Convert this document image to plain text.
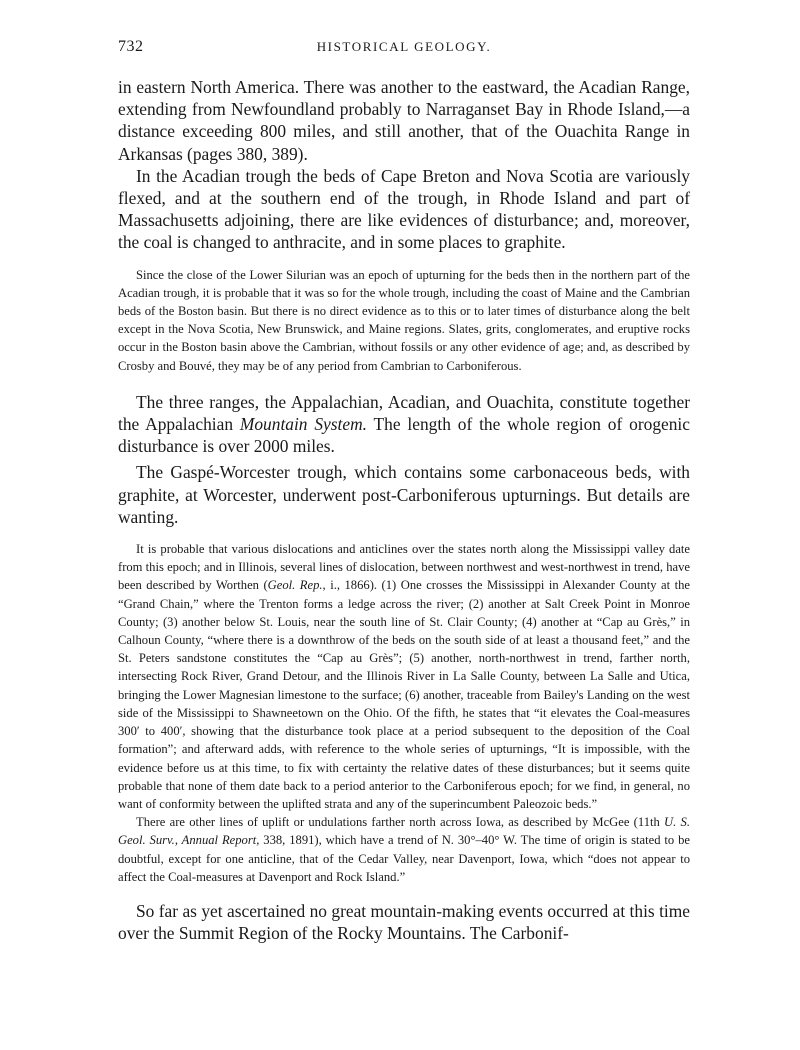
732	HISTORICAL GEOLOGY.

in eastern North America. There was another to the eastward, the Acadian Range, extending from Newfoundland probably to Narraganset Bay in Rhode Island,—a distance exceeding 800 miles, and still another, that of the Ouachita Range in Arkansas (pages 380, 389).

In the Acadian trough the beds of Cape Breton and Nova Scotia are variously flexed, and at the southern end of the trough, in Rhode Island and part of Massachusetts adjoining, there are like evidences of disturbance; and, moreover, the coal is changed to anthracite, and in some places to graphite.

Since the close of the Lower Silurian was an epoch of upturning for the beds then in the northern part of the Acadian trough, it is probable that it was so for the whole trough, including the coast of Maine and the Cambrian beds of the Boston basin. But there is no direct evidence as to this or to later times of disturbance along the belt except in the Nova Scotia, New Brunswick, and Maine regions. Slates, grits, conglomerates, and eruptive rocks occur in the Boston basin above the Cambrian, without fossils or any other evidence of age; and, as described by Crosby and Bouvé, they may be of any period from Cambrian to Carboniferous.

The three ranges, the Appalachian, Acadian, and Ouachita, constitute together the Appalachian Mountain System. The length of the whole region of orogenic disturbance is over 2000 miles.

The Gaspé-Worcester trough, which contains some carbonaceous beds, with graphite, at Worcester, underwent post-Carboniferous upturnings. But details are wanting.

It is probable that various dislocations and anticlines over the states north along the Mississippi valley date from this epoch; and in Illinois, several lines of dislocation, between northwest and west-northwest in trend, have been described by Worthen (Geol. Rep., i., 1866). (1) One crosses the Mississippi in Alexander County at the “Grand Chain,” where the Trenton forms a ledge across the river; (2) another at Salt Creek Point in Monroe County; (3) another below St. Louis, near the south line of St. Clair County; (4) another at “Cap au Grès,” in Calhoun County, “where there is a downthrow of the beds on the south side of at least a thousand feet,” and the St. Peters sandstone constitutes the “Cap au Grès”; (5) another, north-northwest in trend, farther north, intersecting Rock River, Grand Detour, and the Illinois River in La Salle County, between La Salle and Utica, bringing the Lower Magnesian limestone to the surface; (6) another, traceable from Bailey's Landing on the west side of the Mississippi to Shawneetown on the Ohio. Of the fifth, he states that “it elevates the Coal-measures 300′ to 400′, showing that the disturbance took place at a period subsequent to the deposition of the Coal formation”; and afterward adds, with reference to the whole series of upturnings, “It is impossible, with the evidence before us at this time, to fix with certainty the relative dates of these disturbances; but it seems quite probable that none of them date back to a period anterior to the Carboniferous epoch; for we find, in general, no want of conformity between the uplifted strata and any of the superincumbent Paleozoic beds.”

There are other lines of uplift or undulations farther north across Iowa, as described by McGee (11th U. S. Geol. Surv., Annual Report, 338, 1891), which have a trend of N. 30°–40° W. The time of origin is stated to be doubtful, except for one anticline, that of the Cedar Valley, near Davenport, Iowa, which “does not appear to affect the Coal-measures at Davenport and Rock Island.”

So far as yet ascertained no great mountain-making events occurred at this time over the Summit Region of the Rocky Mountains. The Carbonif-
